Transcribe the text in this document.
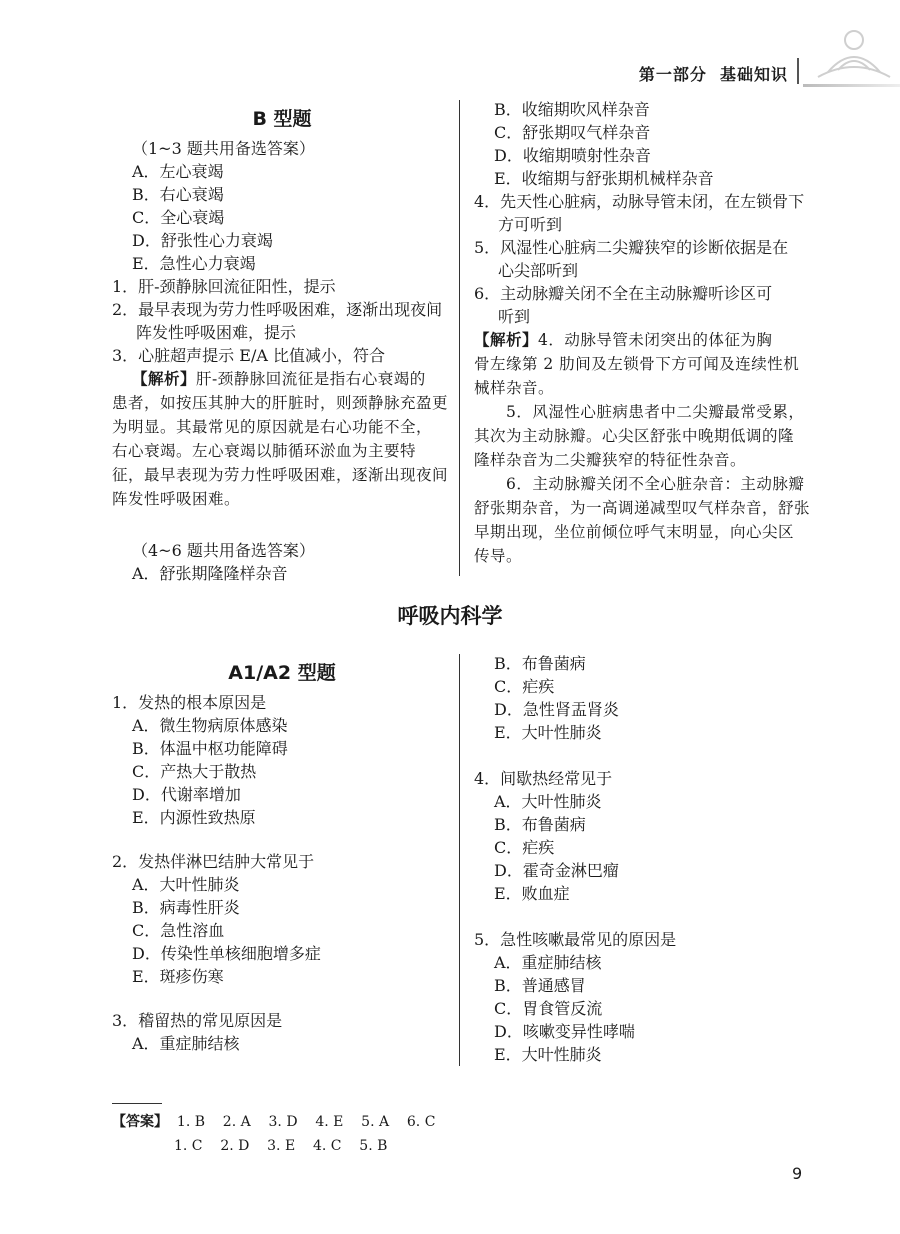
第一部分  基础知识
B 型题
（1~3 题共用备选答案）
A．左心衰竭
B．右心衰竭
C．全心衰竭
D．舒张性心力衰竭
E．急性心力衰竭
1．肝-颈静脉回流征阳性，提示
2．最早表现为劳力性呼吸困难，逐渐出现夜间
阵发性呼吸困难，提示
3．心脏超声提示 E/A 比值减小，符合
【解析】肝-颈静脉回流征是指右心衰竭的
患者，如按压其肿大的肝脏时，则颈静脉充盈更
为明显。其最常见的原因就是右心功能不全，
右心衰竭。左心衰竭以肺循环淤血为主要特
征，最早表现为劳力性呼吸困难，逐渐出现夜间
阵发性呼吸困难。
（4~6 题共用备选答案）
A．舒张期隆隆样杂音
B．收缩期吹风样杂音
C．舒张期叹气样杂音
D．收缩期喷射性杂音
E．收缩期与舒张期机械样杂音
4．先天性心脏病，动脉导管未闭，在左锁骨下
方可听到
5．风湿性心脏病二尖瓣狭窄的诊断依据是在
心尖部听到
6．主动脉瓣关闭不全在主动脉瓣听诊区可
听到
【解析】4．动脉导管未闭突出的体征为胸
骨左缘第 2 肋间及左锁骨下方可闻及连续性机
械样杂音。
5．风湿性心脏病患者中二尖瓣最常受累，
其次为主动脉瓣。心尖区舒张中晚期低调的隆
隆样杂音为二尖瓣狭窄的特征性杂音。
6．主动脉瓣关闭不全心脏杂音：主动脉瓣
舒张期杂音，为一高调递减型叹气样杂音，舒张
早期出现，坐位前倾位呼气末明显，向心尖区
传导。
呼吸内科学
A1/A2 型题
1．发热的根本原因是
A．微生物病原体感染
B．体温中枢功能障碍
C．产热大于散热
D．代谢率增加
E．内源性致热原
2．发热伴淋巴结肿大常见于
A．大叶性肺炎
B．病毒性肝炎
C．急性溶血
D．传染性单核细胞增多症
E．斑疹伤寒
3．稽留热的常见原因是
A．重症肺结核
B．布鲁菌病
C．疟疾
D．急性肾盂肾炎
E．大叶性肺炎
4．间歇热经常见于
A．大叶性肺炎
B．布鲁菌病
C．疟疾
D．霍奇金淋巴瘤
E．败血症
5．急性咳嗽最常见的原因是
A．重症肺结核
B．普通感冒
C．胃食管反流
D．咳嗽变异性哮喘
E．大叶性肺炎
【答案】 1. B    2. A    3. D    4. E    5. A    6. C
1. C    2. D    3. E    4. C    5. B
9
